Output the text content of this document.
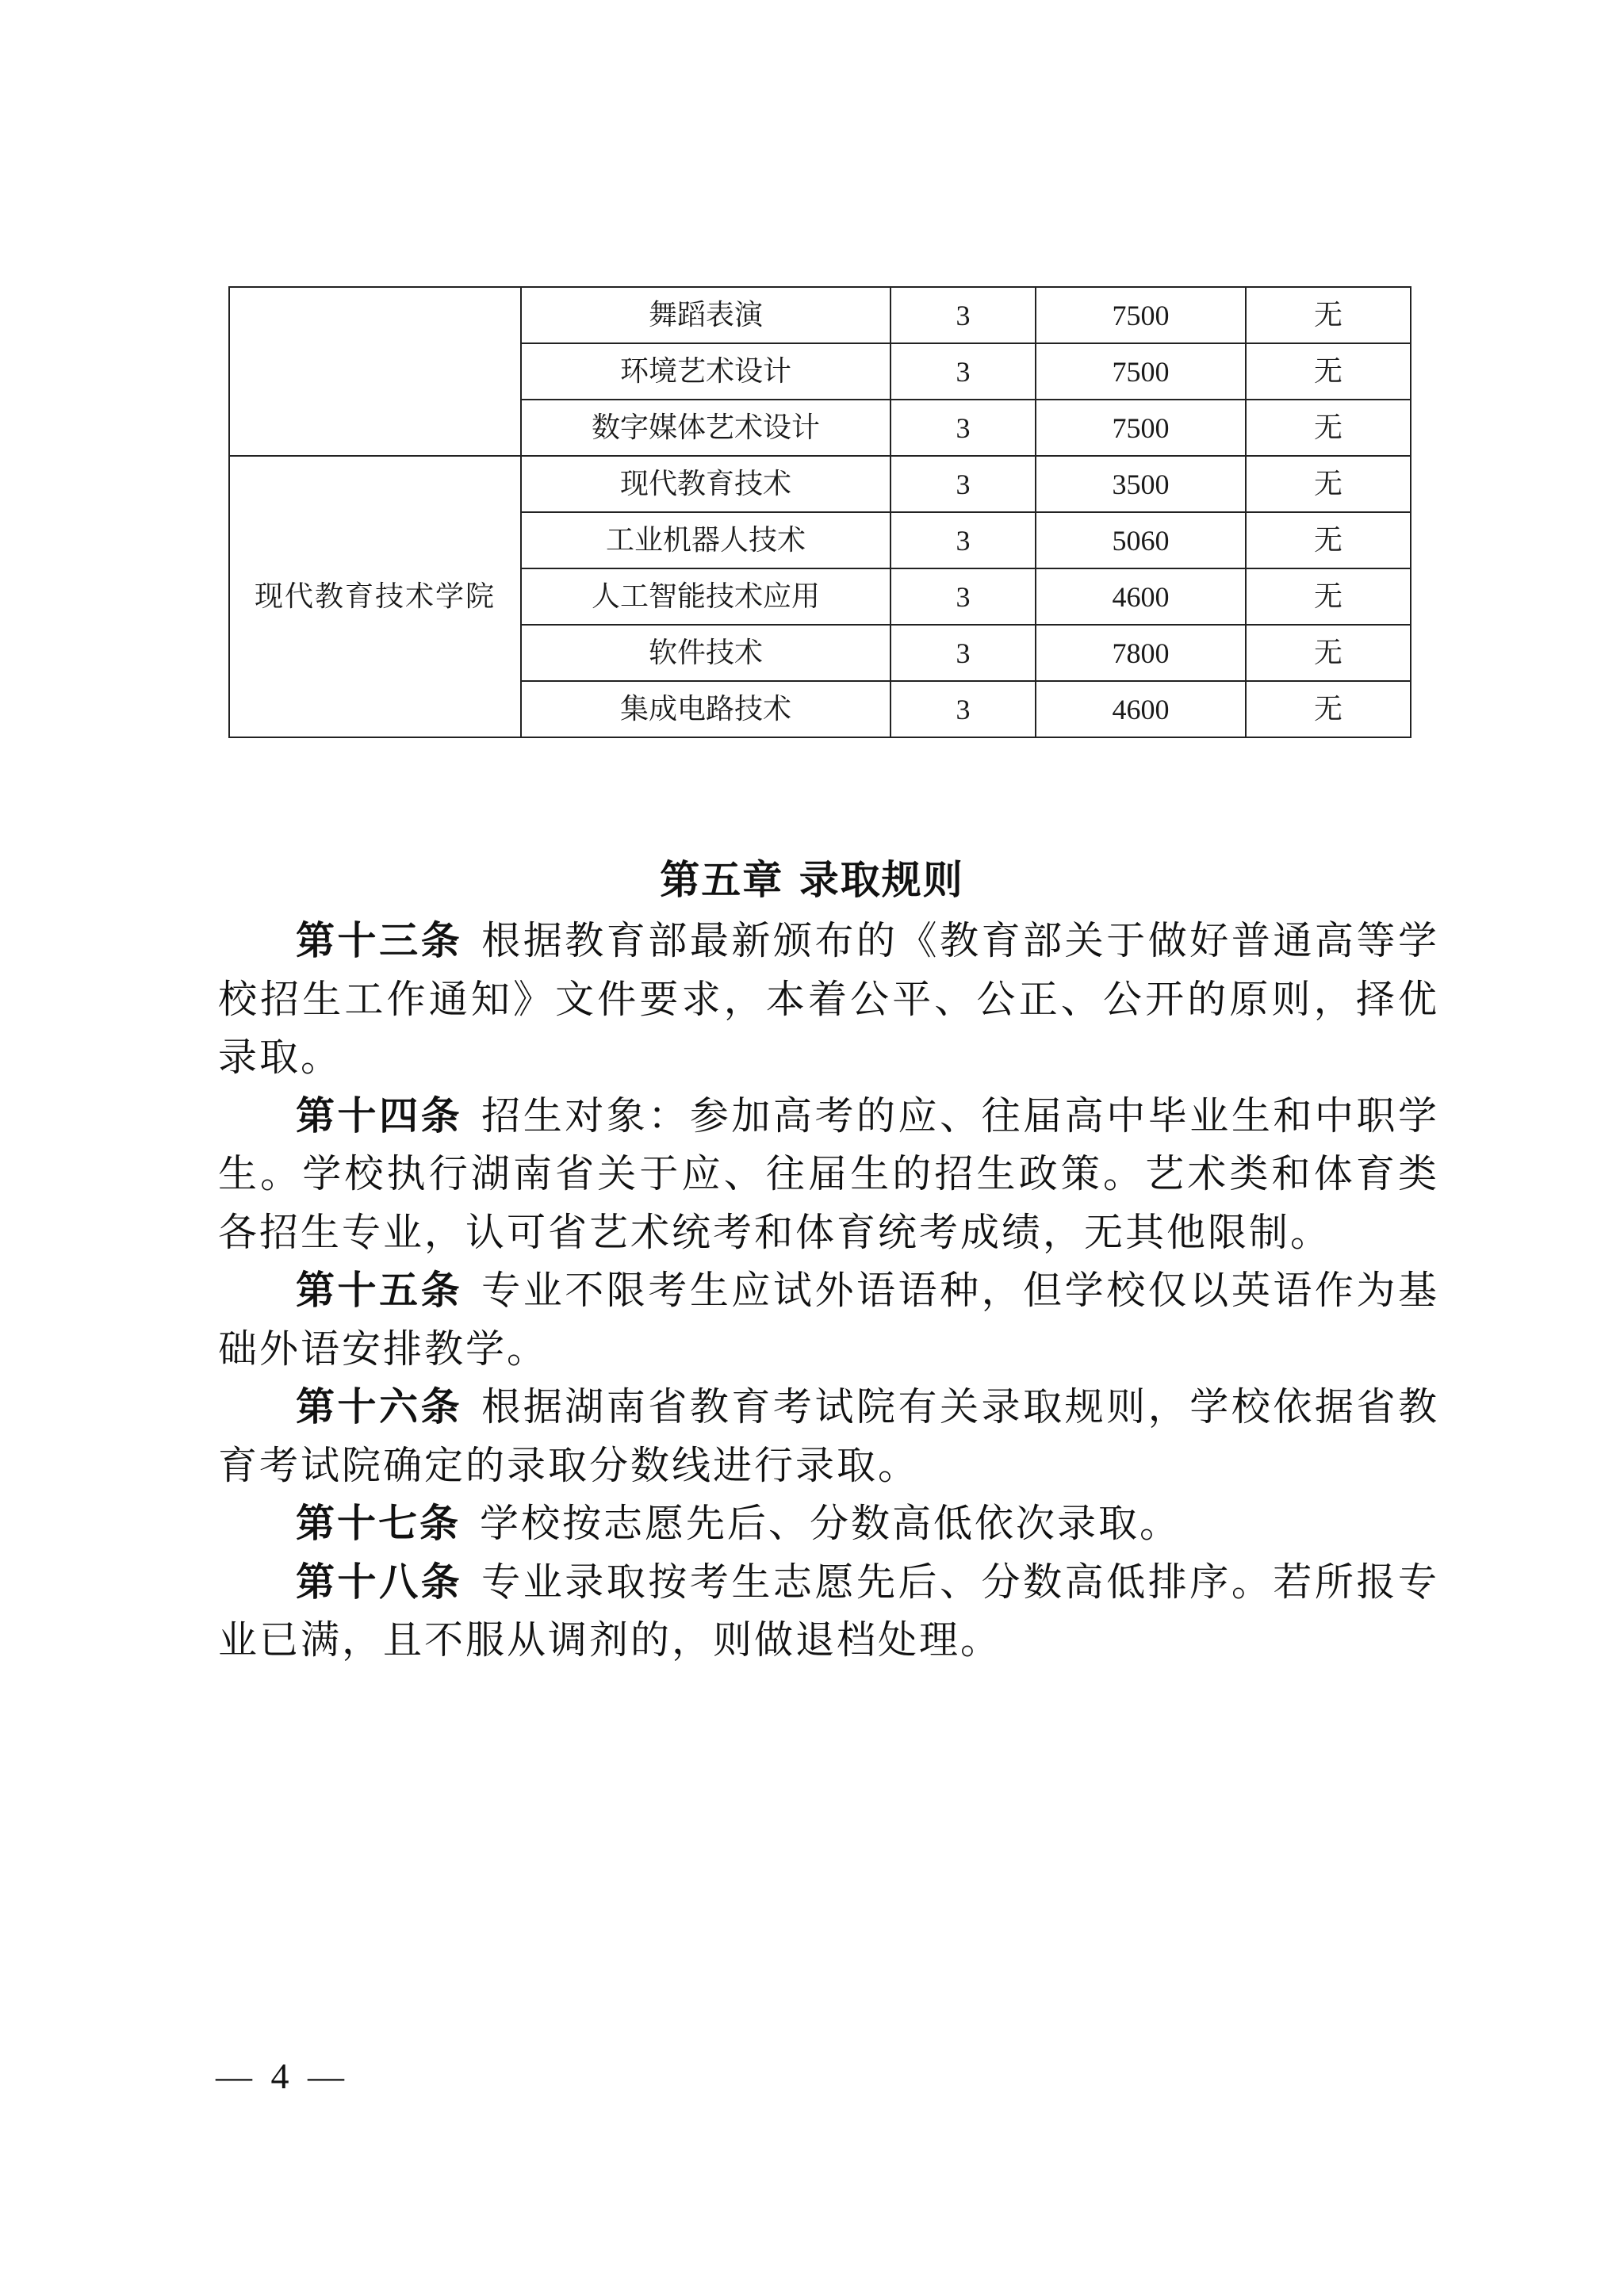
	舞蹈表演	3	7500	无
	环境艺术设计	3	7500	无
	数字媒体艺术设计	3	7500	无
现代教育技术学院	现代教育技术	3	3500	无
	工业机器人技术	3	5060	无
	人工智能技术应用	3	4600	无
	软件技术	3	7800	无
	集成电路技术	3	4600	无
第五章 录取规则

第十三条 根据教育部最新颁布的《教育部关于做好普通高等学校招生工作通知》文件要求，本着公平、公正、公开的原则，择优录取。

第十四条 招生对象：参加高考的应、往届高中毕业生和中职学生。学校执行湖南省关于应、往届生的招生政策。艺术类和体育类各招生专业，认可省艺术统考和体育统考成绩，无其他限制。

第十五条 专业不限考生应试外语语种，但学校仅以英语作为基础外语安排教学。

第十六条 根据湖南省教育考试院有关录取规则，学校依据省教育考试院确定的录取分数线进行录取。

第十七条 学校按志愿先后、分数高低依次录取。

第十八条 专业录取按考生志愿先后、分数高低排序。若所报专业已满，且不服从调剂的，则做退档处理。

— 4 —
